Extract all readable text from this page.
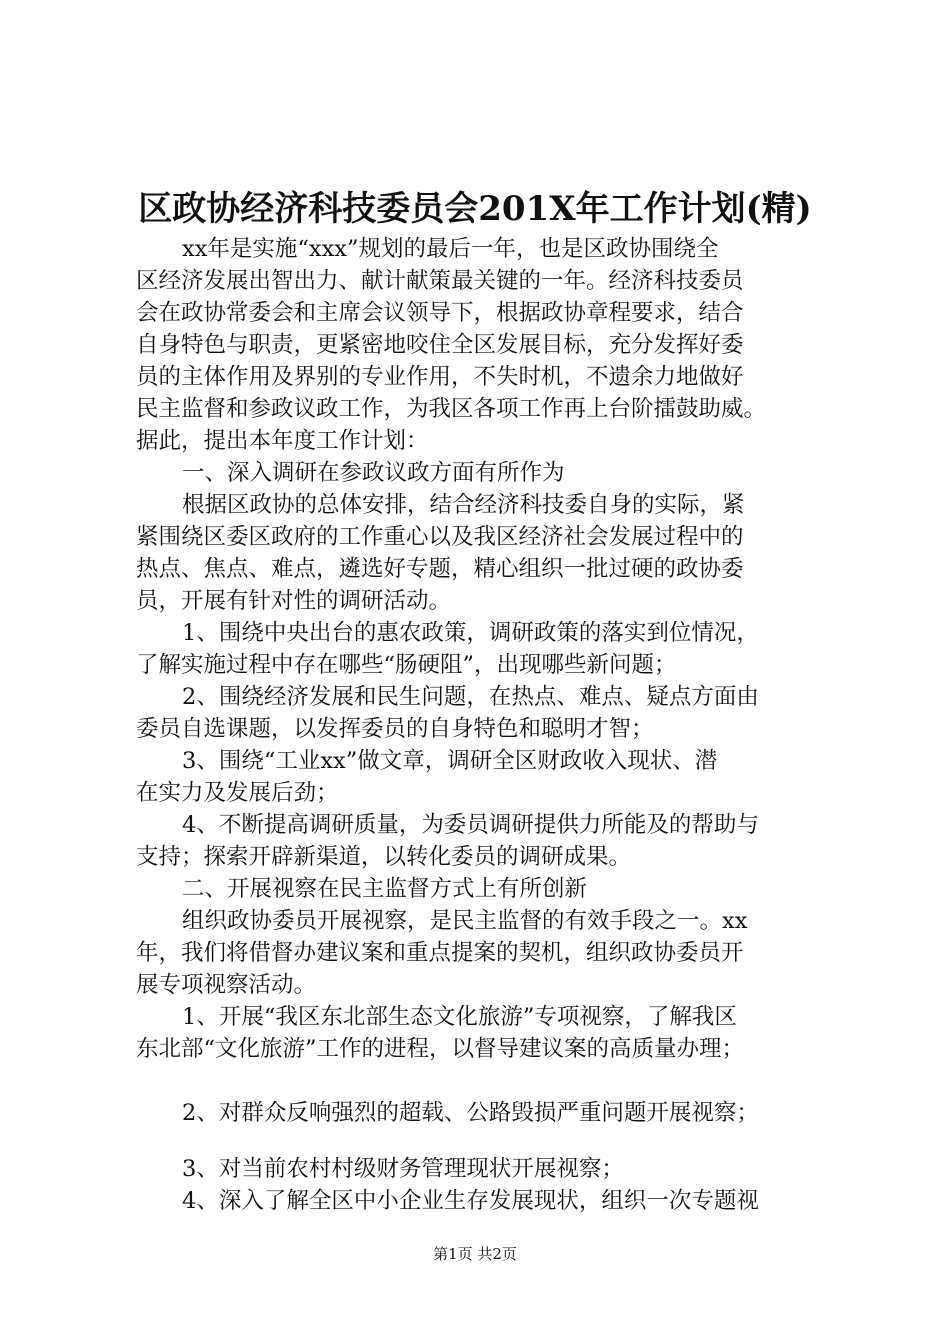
区政协经济科技委员会201X年工作计划(精)
xx年是实施“xxx”规划的最后一年，也是区政协围绕全
区经济发展出智出力、献计献策最关键的一年。经济科技委员
会在政协常委会和主席会议领导下，根据政协章程要求，结合
自身特色与职责，更紧密地咬住全区发展目标，充分发挥好委
员的主体作用及界别的专业作用，不失时机，不遗余力地做好
民主监督和参政议政工作，为我区各项工作再上台阶擂鼓助威。
据此，提出本年度工作计划：
一、深入调研在参政议政方面有所作为
根据区政协的总体安排，结合经济科技委自身的实际，紧
紧围绕区委区政府的工作重心以及我区经济社会发展过程中的
热点、焦点、难点，遴选好专题，精心组织一批过硬的政协委
员，开展有针对性的调研活动。
1、围绕中央出台的惠农政策，调研政策的落实到位情况，
了解实施过程中存在哪些“肠硬阻”，出现哪些新问题；
2、围绕经济发展和民生问题，在热点、难点、疑点方面由
委员自选课题，以发挥委员的自身特色和聪明才智；
3、围绕“工业xx”做文章，调研全区财政收入现状、潜
在实力及发展后劲；
4、不断提高调研质量，为委员调研提供力所能及的帮助与
支持；探索开辟新渠道，以转化委员的调研成果。
二、开展视察在民主监督方式上有所创新
组织政协委员开展视察，是民主监督的有效手段之一。xx
年，我们将借督办建议案和重点提案的契机，组织政协委员开
展专项视察活动。
1、开展“我区东北部生态文化旅游”专项视察，了解我区
东北部“文化旅游”工作的进程，以督导建议案的高质量办理；
2、对群众反响强烈的超载、公路毁损严重问题开展视察；
3、对当前农村村级财务管理现状开展视察；
4、深入了解全区中小企业生存发展现状，组织一次专题视
第1页 共2页
